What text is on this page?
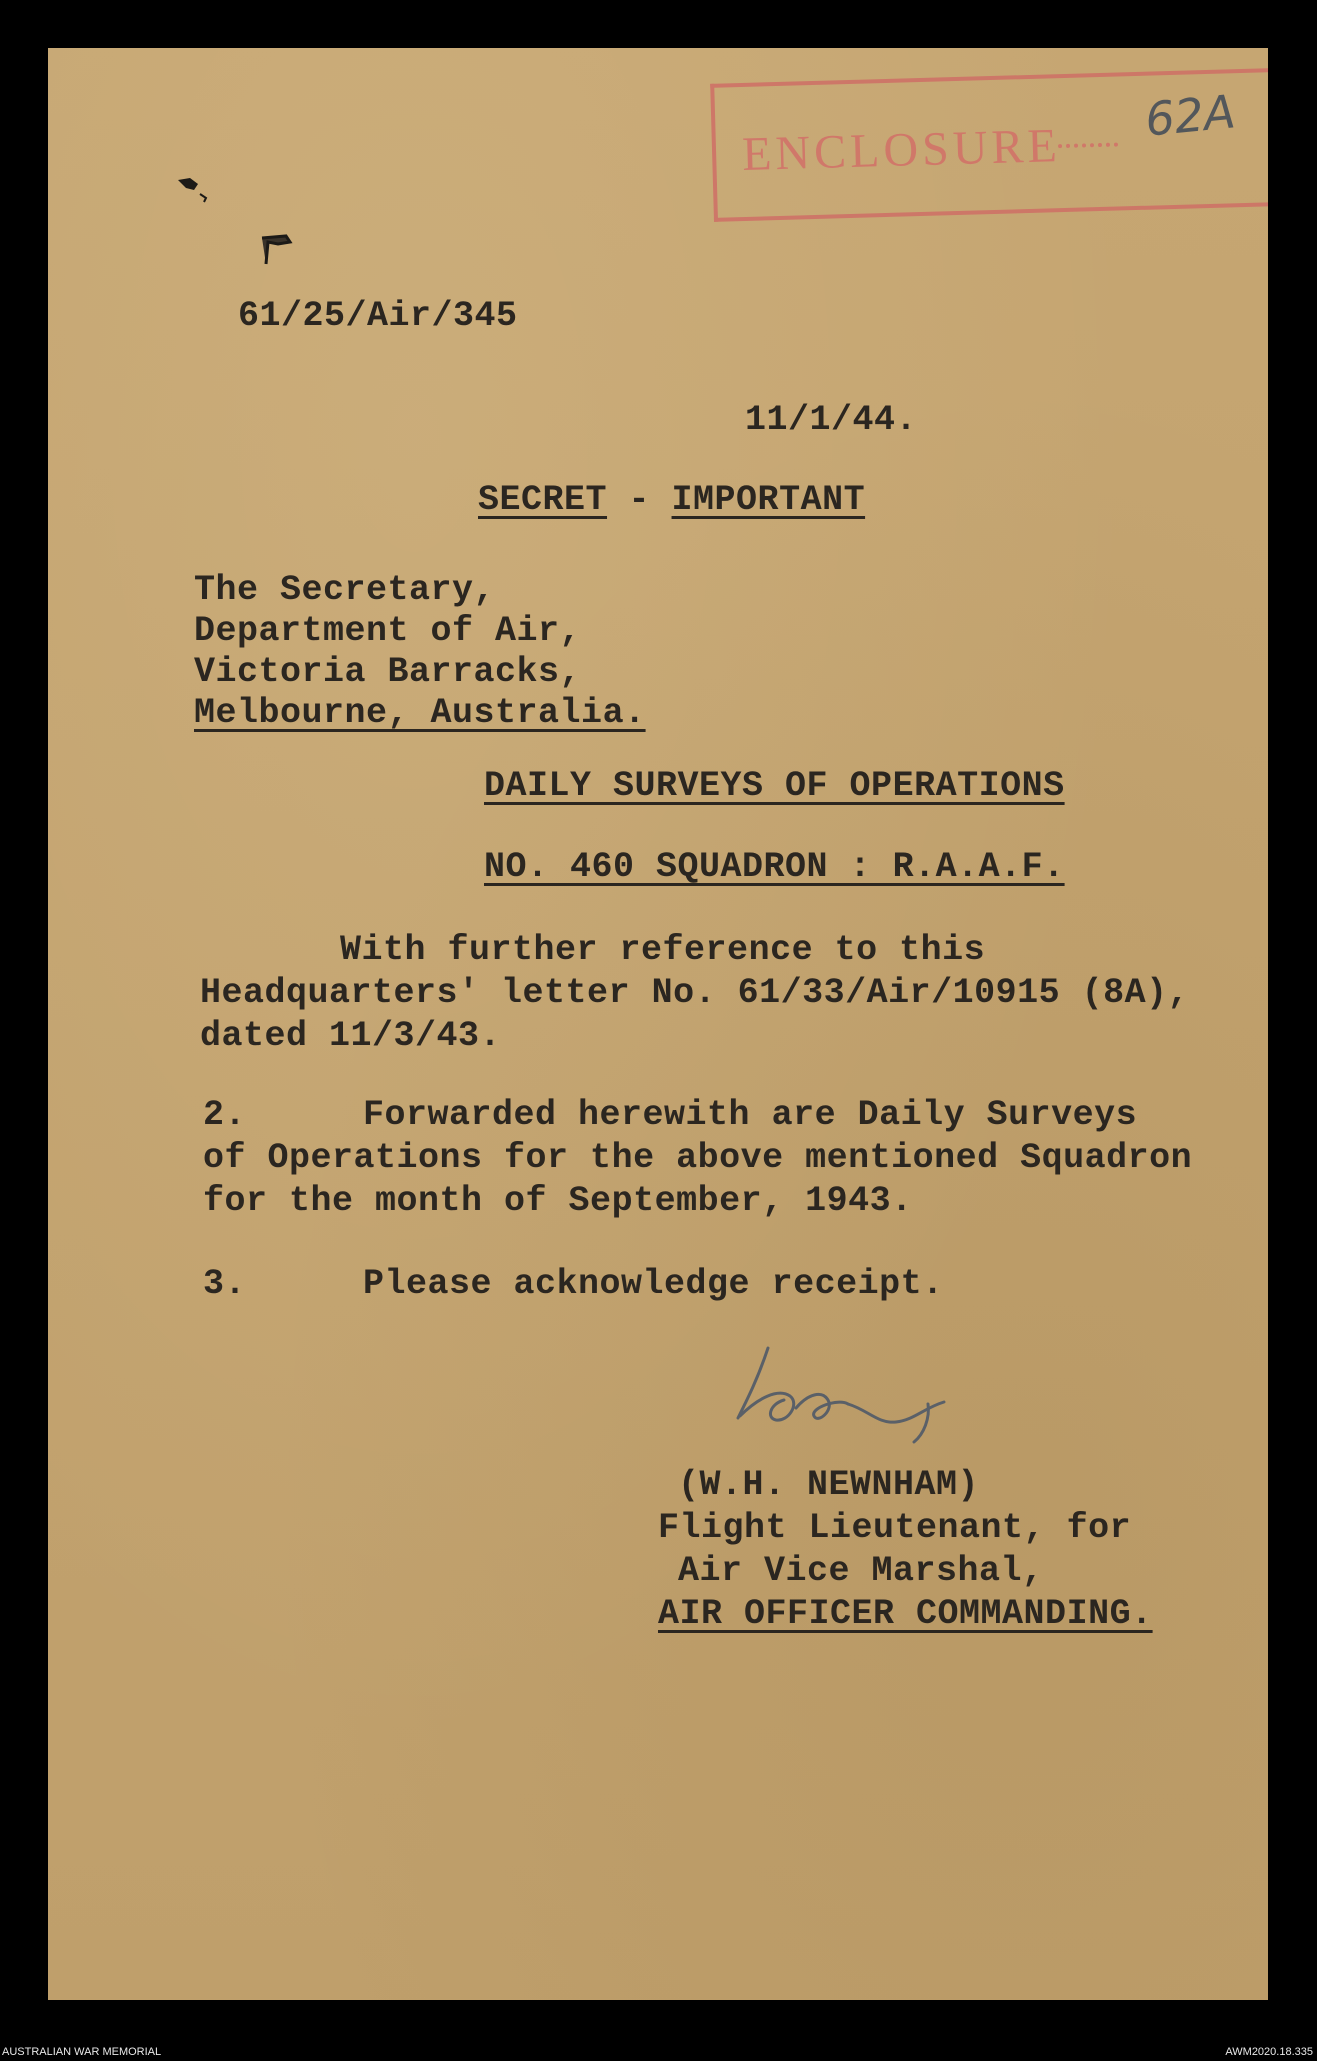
ENCLOSURE
62A
61/25/Air/345
11/1/44.
SECRET - IMPORTANT
The Secretary,
Department of Air,
Victoria Barracks,
Melbourne, Australia.
DAILY SURVEYS OF OPERATIONS
NO. 460 SQUADRON : R.A.A.F.
With further reference to this
Headquarters' letter No. 61/33/Air/10915 (8A),
dated 11/3/43.
2.	Forwarded herewith are Daily Surveys
of Operations for the above mentioned Squadron
for the month of September, 1943.
3.	Please acknowledge receipt.
(W.H. NEWNHAM)
Flight Lieutenant, for
Air Vice Marshal,
AIR OFFICER COMMANDING.
AUSTRALIAN WAR MEMORIAL	AWM2020.18.335
